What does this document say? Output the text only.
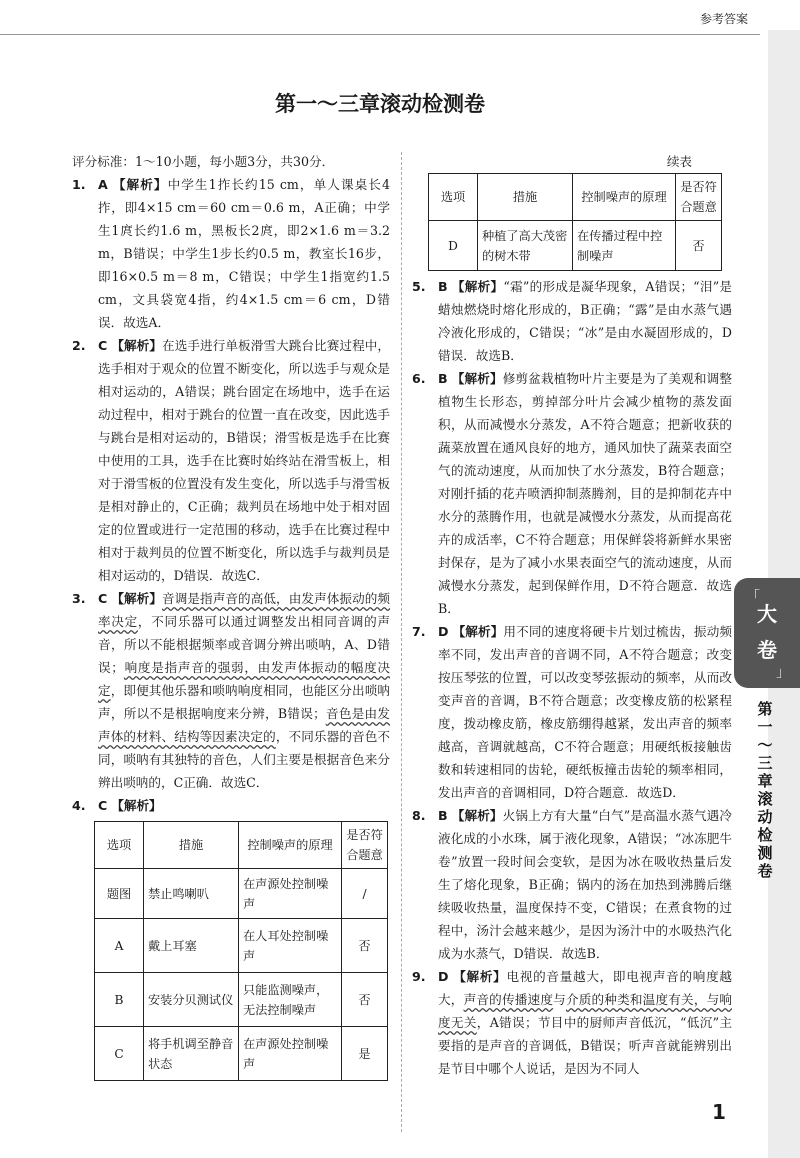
参考答案
「
大
卷
」
第
一
～
三
章
滚
动
检
测
卷
第一～三章滚动检测卷

评分标准：1～10小题，每小题3分，共30分．

1. A 【解析】中学生1拃长约15 cm，单人课桌长4拃，即4×15 cm＝60 cm＝0.6 m，A正确；中学生1庹长约1.6 m，黑板长2庹，即2×1.6 m＝3.2 m，B错误；中学生1步长约0.5 m，教室长16步，即16×0.5 m＝8 m，C错误；中学生1指宽约1.5 cm，文具袋宽4指，约4×1.5 cm＝6 cm，D错误．故选A．

2. C 【解析】在选手进行单板滑雪大跳台比赛过程中，选手相对于观众的位置不断变化，所以选手与观众是相对运动的，A错误；跳台固定在场地中，选手在运动过程中，相对于跳台的位置一直在改变，因此选手与跳台是相对运动的，B错误；滑雪板是选手在比赛中使用的工具，选手在比赛时始终站在滑雪板上，相对于滑雪板的位置没有发生变化，所以选手与滑雪板是相对静止的，C正确；裁判员在场地中处于相对固定的位置或进行一定范围的移动，选手在比赛过程中相对于裁判员的位置不断变化，所以选手与裁判员是相对运动的，D错误．故选C．

3. C 【解析】音调是指声音的高低，由发声体振动的频率决定，不同乐器可以通过调整发出相同音调的声音，所以不能根据频率或音调分辨出唢呐，A、D错误；响度是指声音的强弱，由发声体振动的幅度决定，即便其他乐器和唢呐响度相同，也能区分出唢呐声，所以不是根据响度来分辨，B错误；音色是由发声体的材料、结构等因素决定的，不同乐器的音色不同，唢呐有其独特的音色，人们主要是根据音色来分辨出唢呐的，C正确．故选C．

4. C 【解析】

选项	措施	控制噪声的原理	是否符合题意
题图	禁止鸣喇叭	在声源处控制噪声	/
A	戴上耳塞	在人耳处控制噪声	否
B	安装分贝测试仪	只能监测噪声，无法控制噪声	否
C	将手机调至静音状态	在声源处控制噪声	是
续表
选项	措施	控制噪声的原理	是否符合题意
D	种植了高大茂密的树木带	在传播过程中控制噪声	否

5. B 【解析】“霜”的形成是凝华现象，A错误；“泪”是蜡烛燃烧时熔化形成的，B正确；“露”是由水蒸气遇冷液化形成的，C错误；“冰”是由水凝固形成的，D错误．故选B．

6. B 【解析】修剪盆栽植物叶片主要是为了美观和调整植物生长形态，剪掉部分叶片会减少植物的蒸发面积，从而减慢水分蒸发，A不符合题意；把新收获的蔬菜放置在通风良好的地方，通风加快了蔬菜表面空气的流动速度，从而加快了水分蒸发，B符合题意；对刚扦插的花卉喷洒抑制蒸腾剂，目的是抑制花卉中水分的蒸腾作用，也就是减慢水分蒸发，从而提高花卉的成活率，C不符合题意；用保鲜袋将新鲜水果密封保存，是为了减小水果表面空气的流动速度，从而减慢水分蒸发，起到保鲜作用，D不符合题意．故选B．

7. D 【解析】用不同的速度将硬卡片划过梳齿，振动频率不同，发出声音的音调不同，A不符合题意；改变按压琴弦的位置，可以改变琴弦振动的频率，从而改变声音的音调，B不符合题意；改变橡皮筋的松紧程度，拨动橡皮筋，橡皮筋绷得越紧，发出声音的频率越高，音调就越高，C不符合题意；用硬纸板接触齿数和转速相同的齿轮，硬纸板撞击齿轮的频率相同，发出声音的音调相同，D符合题意．故选D．

8. B 【解析】火锅上方有大量“白气”是高温水蒸气遇冷液化成的小水珠，属于液化现象，A错误；“冰冻肥牛卷”放置一段时间会变软，是因为冰在吸收热量后发生了熔化现象，B正确；锅内的汤在加热到沸腾后继续吸收热量，温度保持不变，C错误；在煮食物的过程中，汤汁会越来越少，是因为汤汁中的水吸热汽化成为水蒸气，D错误．故选B．

9. D 【解析】电视的音量越大，即电视声音的响度越大，声音的传播速度与介质的种类和温度有关，与响度无关，A错误；节目中的厨师声音低沉，“低沉”主要指的是声音的音调低，B错误；听声音就能辨别出是节目中哪个人说话，是因为不同人

1
